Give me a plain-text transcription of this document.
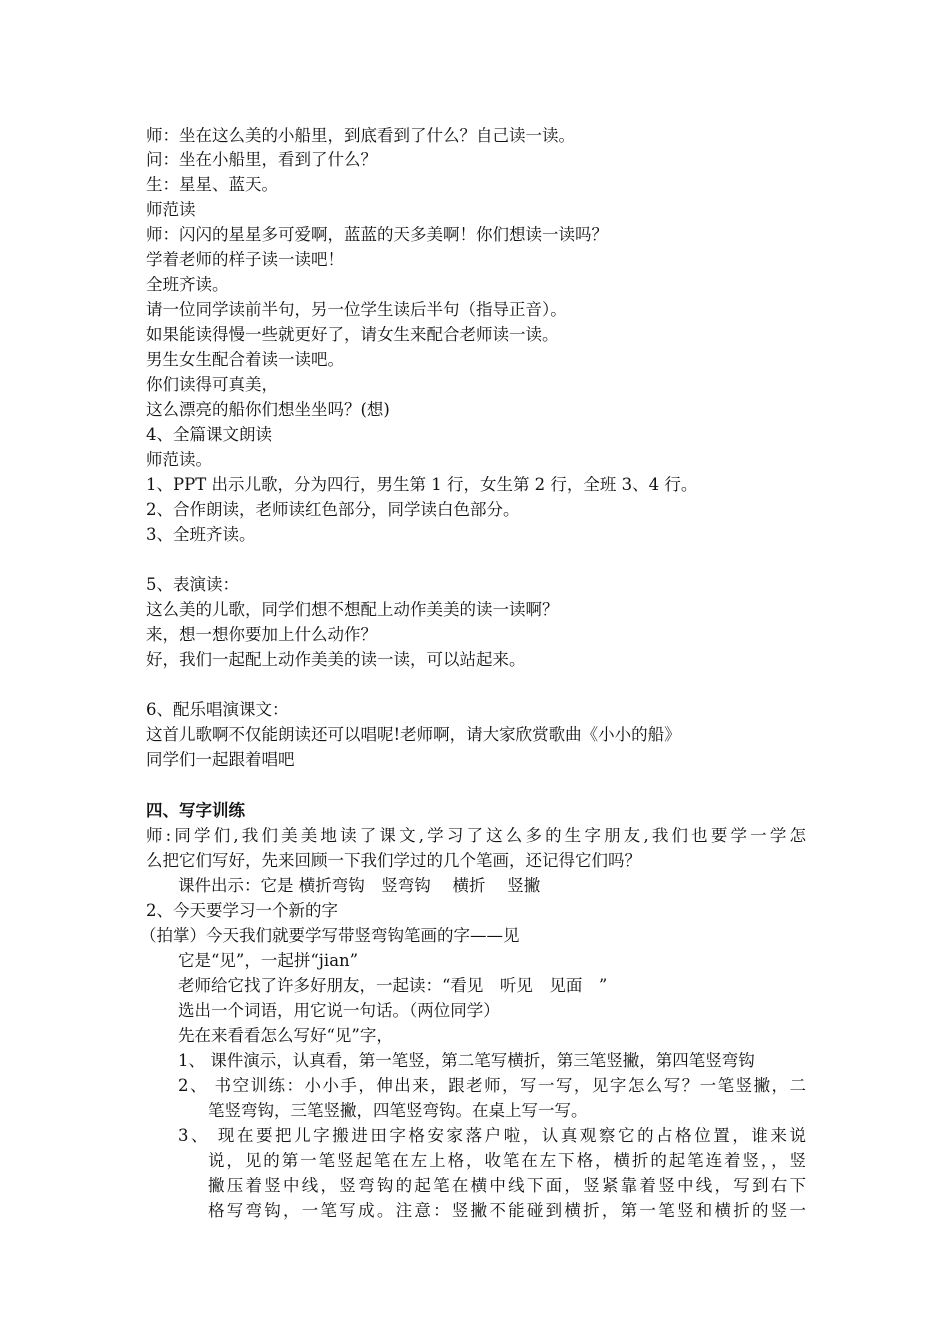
师：坐在这么美的小船里，到底看到了什么？自己读一读。
问：坐在小船里，看到了什么？
生：星星、蓝天。
师范读
师：闪闪的星星多可爱啊，蓝蓝的天多美啊！你们想读一读吗？
学着老师的样子读一读吧！
全班齐读。
请一位同学读前半句，另一位学生读后半句（指导正音）。
如果能读得慢一些就更好了，请女生来配合老师读一读。
男生女生配合着读一读吧。
你们读得可真美，
这么漂亮的船你们想坐坐吗？(想)
4、全篇课文朗读
师范读。
1、PPT 出示儿歌，分为四行，男生第 1 行，女生第 2 行，全班 3、4 行。
2、合作朗读，老师读红色部分，同学读白色部分。
3、全班齐读。
5、表演读：
这么美的儿歌，同学们想不想配上动作美美的读一读啊？
来，想一想你要加上什么动作？
好，我们一起配上动作美美的读一读，可以站起来。
6、配乐唱演课文：
这首儿歌啊不仅能朗读还可以唱呢!老师啊，请大家欣赏歌曲《小小的船》
同学们一起跟着唱吧
四、写字训练
师:同学们,我们美美地读了课文,学习了这么多的生字朋友,我们也要学一学怎
么把它们写好，先来回顾一下我们学过的几个笔画，还记得它们吗？
课件出示：它是 横折弯钩　竖弯钩　 横折　 竖撇
2、今天要学习一个新的字
（拍掌）今天我们就要学写带竖弯钩笔画的字——见
它是“见”，一起拼“jian”
老师给它找了许多好朋友，一起读：“看见　听见　见面　”
选出一个词语，用它说一句话。（两位同学）
先在来看看怎么写好“见”字，
1、 课件演示，认真看，第一笔竖，第二笔写横折，第三笔竖撇，第四笔竖弯钩
2、 书空训练：小小手，伸出来，跟老师，写一写，见字怎么写？一笔竖撇，二
笔竖弯钩，三笔竖撇，四笔竖弯钩。在桌上写一写。
3、 现在要把儿字搬进田字格安家落户啦，认真观察它的占格位置，谁来说
说，见的第一笔竖起笔在左上格，收笔在左下格，横折的起笔连着竖，，竖
撇压着竖中线，竖弯钩的起笔在横中线下面，竖紧靠着竖中线，写到右下
格写弯钩，一笔写成。注意：竖撇不能碰到横折，第一笔竖和横折的竖一
